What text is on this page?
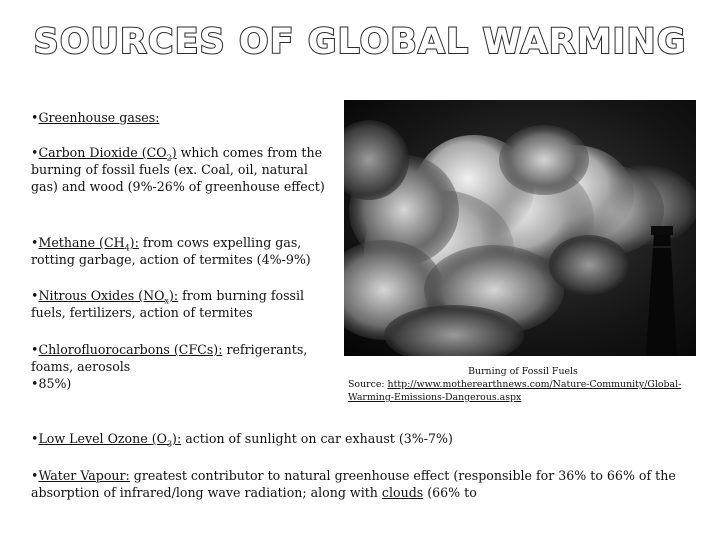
SOURCES OF GLOBAL WARMING
•Greenhouse gases:
•Carbon Dioxide $(CO_2)$ which comes from the burning of fossil fuels (ex. Coal, oil, natural gas) and wood (9%-26% of greenhouse effect)
•Methane $(CH_4)$: from cows expelling gas, rotting garbage, action of termites (4%-9%)
•Nitrous Oxides $(NO_x)$: from burning fossil fuels, fertilizers, action of termites
•Chlorofluorocarbons (CFCs): refrigerants, foams, aerosols
•85%)
Burning of Fossil Fuels
Source: http://www.motherearthnews.com/Nature-Community/Global-Warming-Emissions-Dangerous.aspx
•Low Level Ozone $(O_3)$: action of sunlight on car exhaust (3%-7%)
•Water Vapour: greatest contributor to natural greenhouse effect (responsible for 36% to 66% of the absorption of infrared/long wave radiation; along with clouds (66% to
